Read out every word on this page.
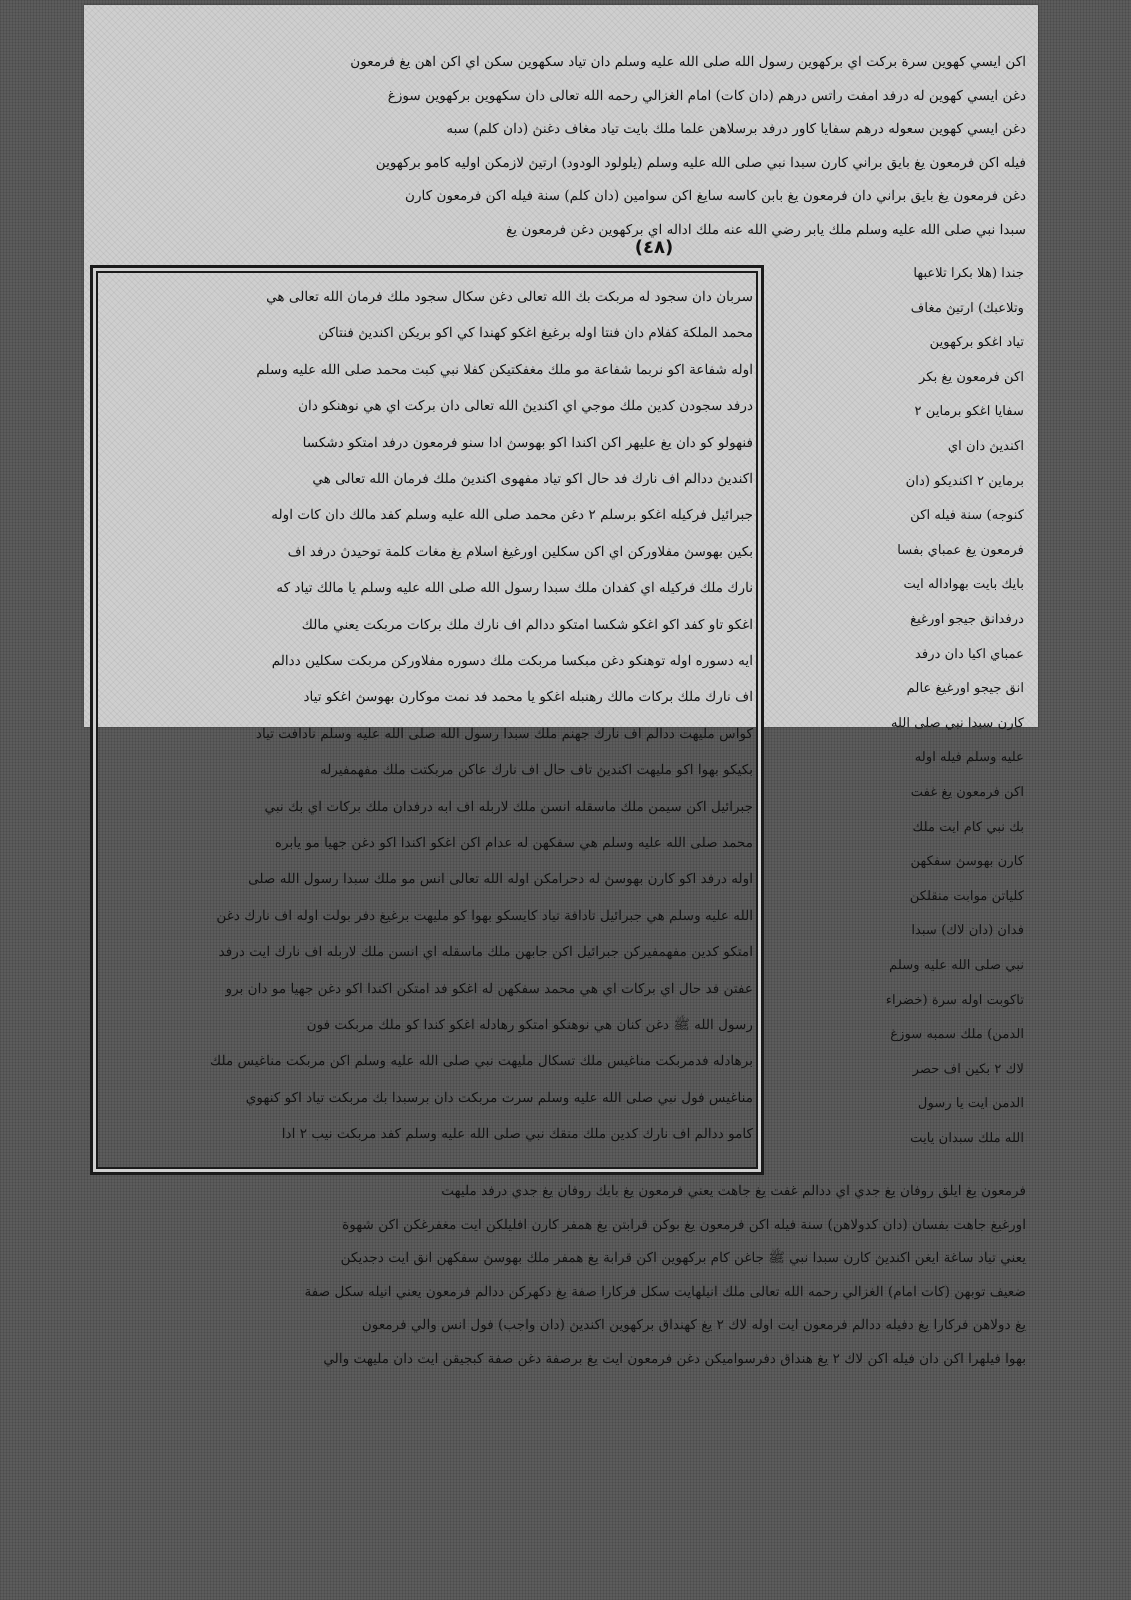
اكن ايسي كهوين سرة بركت اي بركهوين رسول الله صلى الله عليه وسلم دان تياد سكهوين سكن اي اكن اهن يغ فرمعون
دغن ايسي كهوين له درفد امفت راتس درهم (دان كات) امام الغزالي رحمه الله تعالى دان سكهوين بركهوين سوزغ
دغن ايسي كهوين سعوله درهم سفايا كاور درفد برسلاهن علما ملك بايت تياد مغاف دغنڽ (دان كلم) سبه
فيله اكن فرمعون يغ بايق براني كارن سبدا نبي صلى الله عليه وسلم (يلولود الودود) ارتيڽ لازمكن اوليه كامو بركهوين
دغن فرمعون يغ بايق براني دان فرمعون يغ بابن كاسه سايغ اكن سوامين (دان كلم) سنة فيله اكن فرمعون كارن
سبدا نبي صلى الله عليه وسلم ملك يابر رضي الله عنه ملك اداله اي بركهوين دغن فرمعون يغ
(٤٨)
جندا (هلا بكرا تلاعبها
وتلاعبك) ارتيڽ مغاف
تياد اغكو بركهوين
اكن فرمعون يغ بكر
سفايا اغكو برماين ٢
اكنديڽ دان اي
برماين ٢ اكنديكو (دان
كنوجه) سنة فيله اكن
فرمعون يغ عمباي بفسا
بايك بايت بهواداله ايت
درفدانق جيجو اورغيغ
عمباي اكيا دان درفد
انق جيجو اورغيغ عالم
كارن سبدا نبي صلى الله
عليه وسلم فيله اوله
اكن فرمعون يغ غفت
بك نبي كام ايت ملك
كارن بهوسڽ سفكهن
كلياتن موابت منقلكن
فدان (دان لاك) سبدا
نبي صلى الله عليه وسلم
تاكوبت اوله سرة (خضراء
الدمن) ملك سمبه سوزغ
لاك ٢ بكين اف حصر
الدمن ايت يا رسول
الله ملك سبدان يايت
سربان دان سجود له مربكت بك الله تعالى دغن سكال سجود ملك فرمان الله تعالى هي
محمد الملكة كفلام دان فنتا اوله برغيغ اغكو كهندا كي اكو بريكن اكنديڽ فنتاكن
اوله شفاعة اكو نربما شفاعة مو ملك مغفكتيكن كفلا نبي كبت محمد صلى الله عليه وسلم
درفد سجودن كدين ملك موجي اي اكنديڽ الله تعالى دان بركت اي هي نوهنكو دان
فنهولو كو دان يغ عليهر اكن اكندا اكو بهوسڽ ادا سنو فرمعون درفد امتكو دشكسا
اكنديڽ ددالم اف نارك فد حال اكو تياد مفهوى اكنديڽ ملك فرمان الله تعالى هي
جبرائيل فركيله اغكو برسلم ٢ دغن محمد صلى الله عليه وسلم كفد مالك دان كات اوله
بكين بهوسڽ مفلاوركن اي اكن سكلين اورغيغ اسلام يغ مغات كلمة توحيدڽ درفد اف
نارك ملك فركيله اي كفدان ملك سبدا رسول الله صلى الله عليه وسلم يا مالك تياد كه
اغكو تاو كفد اكو اغكو شكسا امتكو ددالم اف نارك ملك بركات مربكت يعني مالك
ايه دسوره اوله توهنكو دغن مبكسا مربكت ملك دسوره مفلاوركن مربكت سكلين ددالم
اف نارك ملك بركات مالك رهنبله اغكو يا محمد فد نمت موكارن بهوسڽ اغكو تياد
كواس مليهت ددالم اف نارك جهنم ملك سبدا رسول الله صلى الله عليه وسلم نادافت تياد
بكيكو بهوا اكو مليهت اكنديڽ تاف حال اف نارك عاكن مربكتت ملك مفهمفيرله
جبرائيل اكن سيمن ملك ماسقله انسن ملك لاربله اف ابه درفدان ملك بركات اي بك نبي
محمد صلى الله عليه وسلم هي سفكهن له عدام اكن اغكو اكندا اكو دغن جهيا مو يابره
اوله درفد اكو كارن بهوسڽ له دحرامكن اوله الله تعالى انس مو ملك سبدا رسول الله صلى
الله عليه وسلم هي جبرائيل تادافة تياد كايسكو بهوا كو مليهت برغيغ دفر بولت اوله اف نارك دغن
امتكو كدين مفهمفيركن جبرائيل اكن جابهن ملك ماسقله اي انسن ملك لاربله اف نارك ايت درفد
عفتن فد حال اي بركات اي هي محمد سفكهن له اغكو فد امتكن اكندا اكو دغن جهيا مو دان برو
رسول الله ﷺ دغن كنان هي نوهنكو امتكو رهادله اغكو كندا كو ملك مربكت فون
برهادله فدمربكت مناغيس ملك تسكال مليهت نبي صلى الله عليه وسلم اكن مربكت مناغيس ملك
مناغيس فول نبي صلى الله عليه وسلم سرت مربكت دان برسبدا بك مربكت تياد اكو كنهوي
كامو ددالم اف نارك كدين ملك منقك نبي صلى الله عليه وسلم كفد مربكت نيب ٢ ادا
فرمعون يغ ايلق روفان يغ جدي اي ددالم غفت يغ جاهت يعني فرمعون يغ بايك روفان يغ جدي درفد مليهت
اورغيغ جاهت بفسان (دان كدولاهن) سنة فيله اكن فرمعون يغ بوكن قرابتن يغ همفر كارن افليلكن ايت مغفرغكن اكن شهوة
يعني تياد ساغة ايغن اكنديڽ كارن سبدا نبي ﷺ جاغن كام بركهوين اكن قرابة يغ همفر ملك بهوسڽ سفكهن انق ايت دجديكن
ضعيف توبهن (كات امام) الغزالي رحمه الله تعالى ملك انيلهايت سكل فركارا صفة يغ دكهركن ددالم فرمعون يعني انيله سكل صفة
يغ دولاهن فركارا يغ دفيله ددالم فرمعون ايت اوله لاك ٢ يغ كهنداق بركهوين اكنديڽ (دان واجب) فول انس والي فرمعون
بهوا فيلهرا اكن دان فيله اكن لاك ٢ يغ هنداق دفرسواميكن دغن فرمعون ايت يغ برصفة دغن صفة كبجيقن ايت دان مليهت والي
